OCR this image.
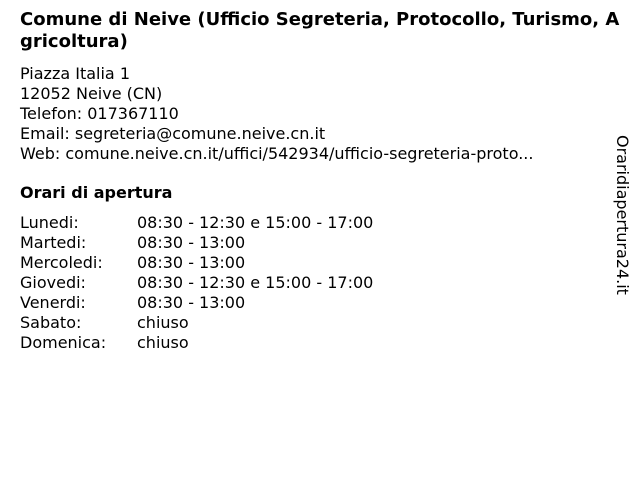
Comune di Neive (Ufficio Segreteria, Protocollo, Turismo, Agricoltura)
Piazza Italia 1
12052 Neive (CN)
Telefon: 017367110
Email: segreteria@comune.neive.cn.it
Web: comune.neive.cn.it/uffici/542934/ufficio-segreteria-proto...
Orari di apertura
Lunedi:	08:30 - 12:30 e 15:00 - 17:00
Martedi:	08:30 - 13:00
Mercoledi: 08:30 - 13:00
Giovedi:	08:30 - 12:30 e 15:00 - 17:00
Venerdi:	08:30 - 13:00
Sabato:	chiuso
Domenica: chiuso
Oraridiapertura24.it
